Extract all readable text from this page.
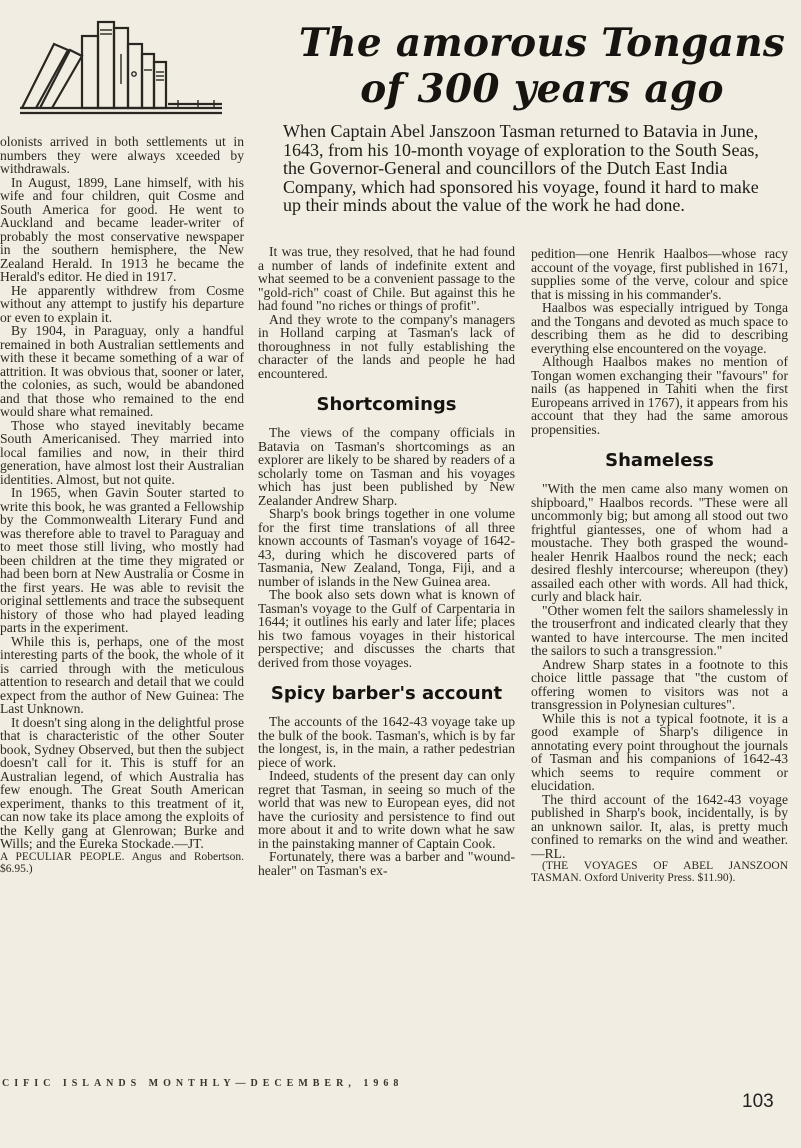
The amorous Tongans of 300 years ago

When Captain Abel Janszoon Tasman returned to Batavia in June, 1643, from his 10-month voyage of exploration to the South Seas, the Governor-General and councillors of the Dutch East India Company, which had sponsored his voyage, found it hard to make up their minds about the value of the work he had done.

olonists arrived in both settlements ut in numbers they were always xceeded by withdrawals.

In August, 1899, Lane himself, with his wife and four children, quit Cosme and South America for good. He went to Auckland and became leader-writer of probably the most conservative newspaper in the southern hemisphere, the New Zealand Herald. In 1913 he became the Herald's editor. He died in 1917.

He apparently withdrew from Cosme without any attempt to justify his departure or even to explain it.

By 1904, in Paraguay, only a handful remained in both Australian settlements and with these it became something of a war of attrition. It was obvious that, sooner or later, the colonies, as such, would be abandoned and that those who remained to the end would share what remained.

Those who stayed inevitably became South Americanised. They married into local families and now, in their third generation, have almost lost their Australian identities. Almost, but not quite.

In 1965, when Gavin Souter started to write this book, he was granted a Fellowship by the Commonwealth Literary Fund and was therefore able to travel to Paraguay and to meet those still living, who mostly had been children at the time they migrated or had been born at New Australia or Cosme in the first years. He was able to revisit the original settlements and trace the subsequent history of those who had played leading parts in the experiment.

While this is, perhaps, one of the most interesting parts of the book, the whole of it is carried through with the meticulous attention to research and detail that we could expect from the author of New Guinea: The Last Unknown.

It doesn't sing along in the delightful prose that is characteristic of the other Souter book, Sydney Observed, but then the subject doesn't call for it. This is stuff for an Australian legend, of which Australia has few enough. The Great South American experiment, thanks to this treatment of it, can now take its place among the exploits of the Kelly gang at Glenrowan; Burke and Wills; and the Eureka Stockade.—JT.

A PECULIAR PEOPLE. Angus and Robertson. $6.95.)

It was true, they resolved, that he had found a number of lands of indefinite extent and what seemed to be a convenient passage to the "gold-rich" coast of Chile. But against this he had found "no riches or things of profit".

And they wrote to the company's managers in Holland carping at Tasman's lack of thoroughness in not fully establishing the character of the lands and people he had encountered.

Shortcomings

The views of the company officials in Batavia on Tasman's shortcomings as an explorer are likely to be shared by readers of a scholarly tome on Tasman and his voyages which has just been published by New Zealander Andrew Sharp.

Sharp's book brings together in one volume for the first time translations of all three known accounts of Tasman's voyage of 1642-43, during which he discovered parts of Tasmania, New Zealand, Tonga, Fiji, and a number of islands in the New Guinea area.

The book also sets down what is known of Tasman's voyage to the Gulf of Carpentaria in 1644; it outlines his early and later life; places his two famous voyages in their historical perspective; and discusses the charts that derived from those voyages.

Spicy barber's account

The accounts of the 1642-43 voyage take up the bulk of the book. Tasman's, which is by far the longest, is, in the main, a rather pedestrian piece of work.

Indeed, students of the present day can only regret that Tasman, in seeing so much of the world that was new to European eyes, did not have the curiosity and persistence to find out more about it and to write down what he saw in the painstaking manner of Captain Cook.

Fortunately, there was a barber and "wound-healer" on Tasman's ex-

pedition—one Henrik Haalbos—whose racy account of the voyage, first published in 1671, supplies some of the verve, colour and spice that is missing in his commander's.

Haalbos was especially intrigued by Tonga and the Tongans and devoted as much space to describing them as he did to describing everything else encountered on the voyage.

Although Haalbos makes no mention of Tongan women exchanging their "favours" for nails (as happened in Tahiti when the first Europeans arrived in 1767), it appears from his account that they had the same amorous propensities.

Shameless

"With the men came also many women on shipboard," Haalbos records. "These were all uncommonly big; but among all stood out two frightful giantesses, one of whom had a moustache. They both grasped the wound-healer Henrik Haalbos round the neck; each desired fleshly intercourse; whereupon (they) assailed each other with words. All had thick, curly and black hair.

"Other women felt the sailors shamelessly in the trouserfront and indicated clearly that they wanted to have intercourse. The men incited the sailors to such a transgression."

Andrew Sharp states in a footnote to this choice little passage that "the custom of offering women to visitors was not a transgression in Polynesian cultures".

While this is not a typical footnote, it is a good example of Sharp's diligence in annotating every point throughout the journals of Tasman and his companions of 1642-43 which seems to require comment or elucidation.

The third account of the 1642-43 voyage published in Sharp's book, incidentally, is by an unknown sailor. It, alas, is pretty much confined to remarks on the wind and weather.—RL.

(THE VOYAGES OF ABEL JANSZOON TASMAN. Oxford Univerity Press. $11.90).

CIFIC ISLANDS MONTHLY—DECEMBER, 1968
103
